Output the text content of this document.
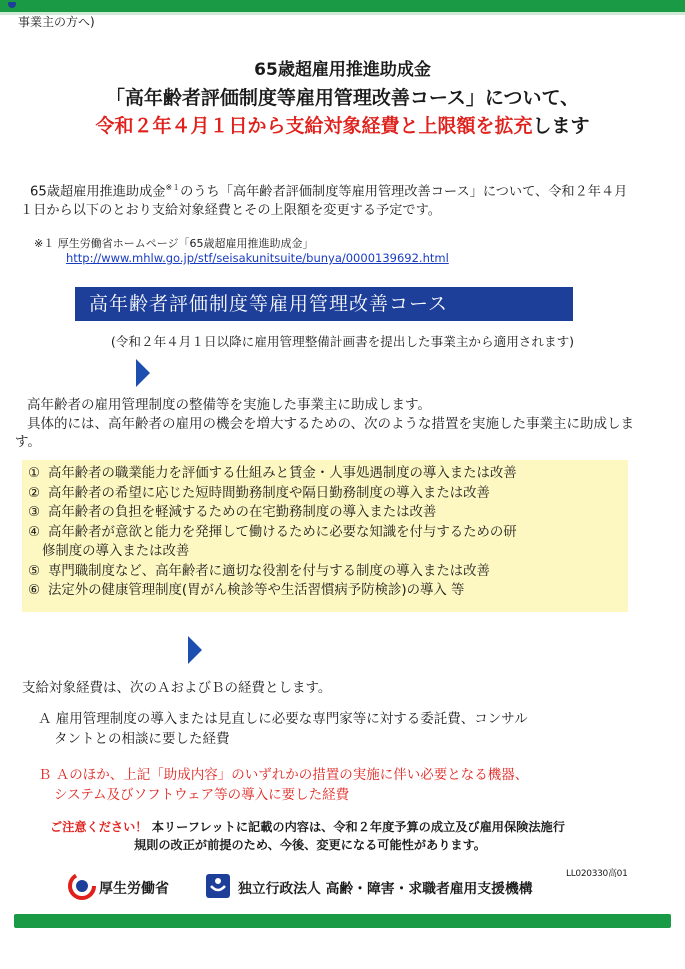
事業主の方へ)
65歳超雇用推進助成金
「高年齢者評価制度等雇用管理改善コース」について、
令和２年４月１日から支給対象経費と上限額を拡充します
65歳超雇用推進助成金$^{※1}$のうち「高年齢者評価制度等雇用管理改善コース」について、令和２年４月１日から以下のとおり支給対象経費とその上限額を変更する予定です。
※１ 厚生労働省ホームページ「65歳超雇用推進助成金」
http://www.mhlw.go.jp/stf/seisakunitsuite/bunya/0000139692.html
高年齢者評価制度等雇用管理改善コース
(令和２年４月１日以降に雇用管理整備計画書を提出した事業主から適用されます)

高年齢者の雇用管理制度の整備等を実施した事業主に助成します。

具体的には、高年齢者の雇用の機会を増大するための、次のような措置を実施した事業主に助成します。

① 高年齢者の職業能力を評価する仕組みと賃金・人事処遇制度の導入または改善
② 高年齢者の希望に応じた短時間勤務制度や隔日勤務制度の導入または改善
③ 高年齢者の負担を軽減するための在宅勤務制度の導入または改善
④ 高年齢者が意欲と能力を発揮して働けるために必要な知識を付与するための研
修制度の導入または改善
⑤ 専門職制度など、高年齢者に適切な役割を付与する制度の導入または改善
⑥ 法定外の健康管理制度(胃がん検診等や生活習慣病予防検診)の導入 等
支給対象経費は、次のＡおよびＢの経費とします。
Ａ 雇用管理制度の導入または見直しに必要な専門家等に対する委託費、コンサル
タントとの相談に要した経費
Ｂ Ａのほか、上記「助成内容」のいずれかの措置の実施に伴い必要となる機器、
システム及びソフトウェア等の導入に要した経費
ご注意ください！ 本リーフレットに記載の内容は、令和２年度予算の成立及び雇用保険法施行
規則の改正が前提のため、今後、変更になる可能性があります。
LL020330高01
厚生労働省	独立行政法人 高齢・障害・求職者雇用支援機構
